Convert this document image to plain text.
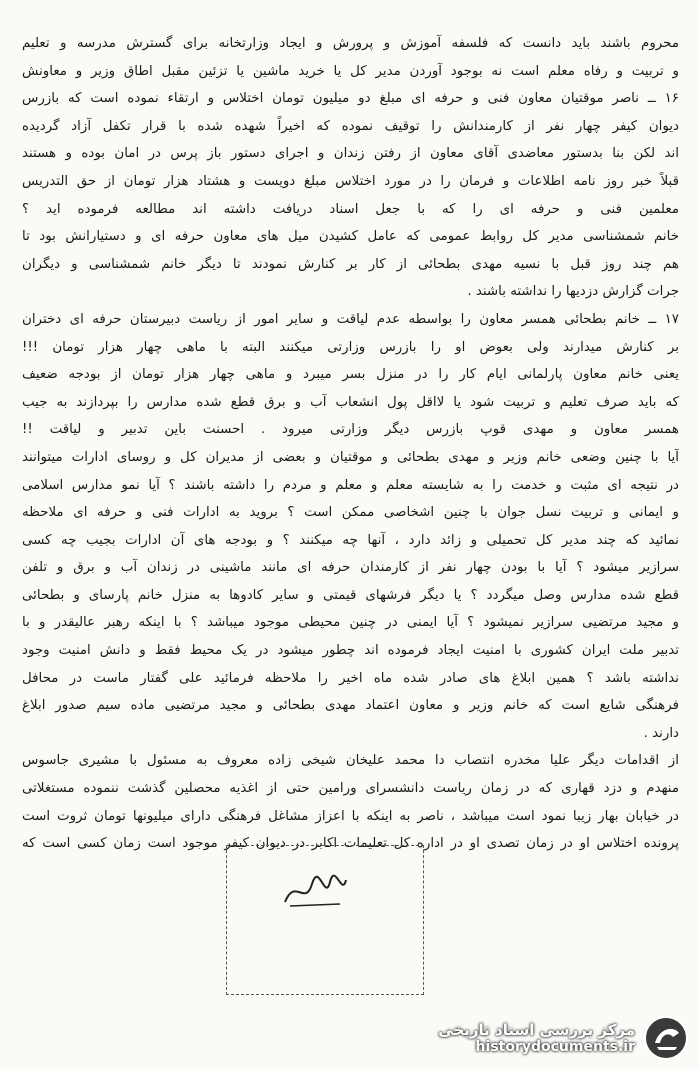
محروم باشند باید دانست که فلسفه آموزش و پرورش و ایجاد وزارتخانه برای گسترش مدرسه و تعلیم
و تربیت و رفاه معلم است نه بوجود آوردن مدیر کل یا خرید ماشین یا تزئین مقبل اطاق وزیر و معاونش
۱۶ ــ ناصر موقتیان معاون فنی و حرفه ای مبلغ دو میلیون تومان اختلاس و ارتقاء نموده است که بازرس
دیوان کیفر چهار نفر از کارمندانش را توقیف نموده که اخیراً شهده شده با قرار تکفل آزاد گردیده
اند لکن بنا بدستور معاضدی آقای معاون از رفتن زندان و اجرای دستور باز پرس در امان بوده و هستند
قبلاً خبر روز نامه اطلاعات و فرمان را در مورد اختلاس مبلغ دویست و هشتاد هزار تومان از حق التدریس
معلمین فنی و حرفه ای را که با جعل اسناد دریافت داشته اند مطالعه فرموده اید ؟
خانم شمشناسی مدیر کل روابط عمومی که عامل کشیدن میل های معاون حرفه ای و دستیارانش بود تا
هم چند روز قبل با نسیه مهدی بطحائی از کار بر کنارش نمودند تا دیگر خانم شمشناسی و دیگران
جرات گزارش دزدیها را نداشته باشند .
۱۷ ــ خانم بطحائی همسر معاون را بواسطه عدم لیاقت و سایر امور از ریاست دبیرستان حرفه ای دختران
بر کنارش میدارند ولی بعوض او را بازرس وزارتی میکنند البته با ماهی چهار هزار تومان !!!
یعنی خانم معاون پارلمانی ایام کار را در منزل بسر میبرد و ماهی چهار هزار تومان از بودجه ضعیف
که باید صرف تعلیم و تربیت شود یا لااقل پول انشعاب آب و برق قطع شده مدارس را بپردازند به جیب
همسر معاون و مهدی قوپ بازرس دیگر وزارتی میرود . احسنت باین تدبیر و لیاقت !!
آیا با چنین وضعی خانم وزیر و مهدی بطحائی و موقتیان و بعضی از مدیران کل و روسای ادارات میتوانند
در نتیجه ای مثبت و خدمت را به شایسته معلم و معلم و مردم را داشته باشند ؟ آیا نمو مدارس اسلامی
و ایمانی و تربیت نسل جوان با چنین اشخاصی ممکن است ؟ بروید به ادارات فنی و حرفه ای ملاحظه
نمائید که چند مدیر کل تحمیلی و زائد دارد ، آنها چه میکنند ؟ و بودجه های آن ادارات بجیب چه کسی
سرازیر میشود ؟ آیا با بودن چهار نفر از کارمندان حرفه ای مانند ماشینی در زندان آب و برق و تلفن
قطع شده مدارس وصل میگردد ؟ یا دیگر فرشهای قیمتی و سایر کادوها به منزل خانم پارسای و بطحائی
و مجید مرتضیی سرازیر نمیشود ؟ آیا ایمنی در چنین محیطی موجود میباشد ؟ با اینکه رهبر عالیقدر و با
تدبیر ملت ایران کشوری با امنیت ایجاد فرموده اند چطور میشود در یک محیط فقط و دانش امنیت وجود
نداشته باشد ؟ همین ابلاغ های صادر شده ماه اخیر را ملاحظه فرمائید علی گفتار ماست در محافل
فرهنگی شایع است که خانم وزیر و معاون اعتماد مهدی بطحائی و مجید مرتضیی ماده سیم صدور ابلاغ
دارند .
از اقدامات دیگر علیا مخدره انتصاب دا محمد علیخان شیخی زاده معروف به مسئول با مشیری جاسوس
منهدم و دزد قهاری که در زمان ریاست دانشسرای ورامین حتی از اغذیه محصلین گذشت ننموده مستغلاتی
در خیابان بهار زیبا نمود است میباشد ، ناصر به اینکه با اعزاز مشاغل فرهنگی دارای میلیونها تومان ثروت است
پرونده اختلاس او در زمان تصدی او در اداره کل تعلیمات اکابر در دیوان کیفر موجود است زمان کسی است که
مرکز بررسی اسناد تاریخی
historydocuments.ir
